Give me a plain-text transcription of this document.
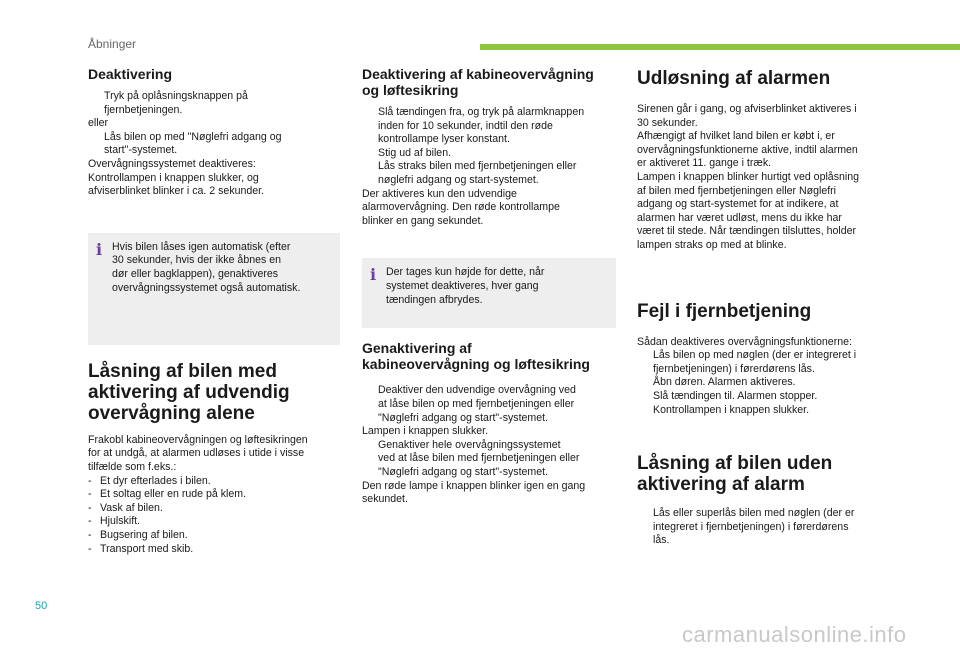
Åbninger
Deaktivering
Tryk på oplåsningsknappen på
fjernbetjeningen.
eller
Lås bilen op med "Nøglefri adgang og
start"-systemet.
Overvågningssystemet deaktiveres:
Kontrollampen i knappen slukker, og
afviserblinket blinker i ca. 2 sekunder.
i Hvis bilen låses igen automatisk (efter
30 sekunder, hvis der ikke åbnes en
dør eller bagklappen), genaktiveres
overvågningssystemet også automatisk.
Låsning af bilen med
aktivering af udvendig
overvågning alene
Frakobl kabineovervågningen og løftesikringen
for at undgå, at alarmen udløses i utide i visse
tilfælde som f.eks.:
- Et dyr efterlades i bilen.
- Et soltag eller en rude på klem.
- Vask af bilen.
- Hjulskift.
- Bugsering af bilen.
- Transport med skib.
Deaktivering af kabineovervågning
og løftesikring
Slå tændingen fra, og tryk på alarmknappen
inden for 10 sekunder, indtil den røde
kontrollampe lyser konstant.
Stig ud af bilen.
Lås straks bilen med fjernbetjeningen eller
nøglefri adgang og start-systemet.
Der aktiveres kun den udvendige
alarmovervågning. Den røde kontrollampe
blinker en gang sekundet.
i Der tages kun højde for dette, når
systemet deaktiveres, hver gang
tændingen afbrydes.
Genaktivering af
kabineovervågning og løftesikring
Deaktiver den udvendige overvågning ved
at låse bilen op med fjernbetjeningen eller
"Nøglefri adgang og start"-systemet.
Lampen i knappen slukker.
Genaktiver hele overvågningssystemet
ved at låse bilen med fjernbetjeningen eller
"Nøglefri adgang og start"-systemet.
Den røde lampe i knappen blinker igen en gang
sekundet.
Udløsning af alarmen
Sirenen går i gang, og afviserblinket aktiveres i
30 sekunder.
Afhængigt af hvilket land bilen er købt i, er
overvågningsfunktionerne aktive, indtil alarmen
er aktiveret 11. gange i træk.
Lampen i knappen blinker hurtigt ved oplåsning
af bilen med fjernbetjeningen eller Nøglefri
adgang og start-systemet for at indikere, at
alarmen har været udløst, mens du ikke har
været til stede. Når tændingen tilsluttes, holder
lampen straks op med at blinke.
Fejl i fjernbetjening
Sådan deaktiveres overvågningsfunktionerne:
Lås bilen op med nøglen (der er integreret i
fjernbetjeningen) i førerdørens lås.
Åbn døren. Alarmen aktiveres.
Slå tændingen til. Alarmen stopper.
Kontrollampen i knappen slukker.
Låsning af bilen uden
aktivering af alarm
Lås eller superlås bilen med nøglen (der er
integreret i fjernbetjeningen) i førerdørens
lås.
50
carmanualsonline.info
